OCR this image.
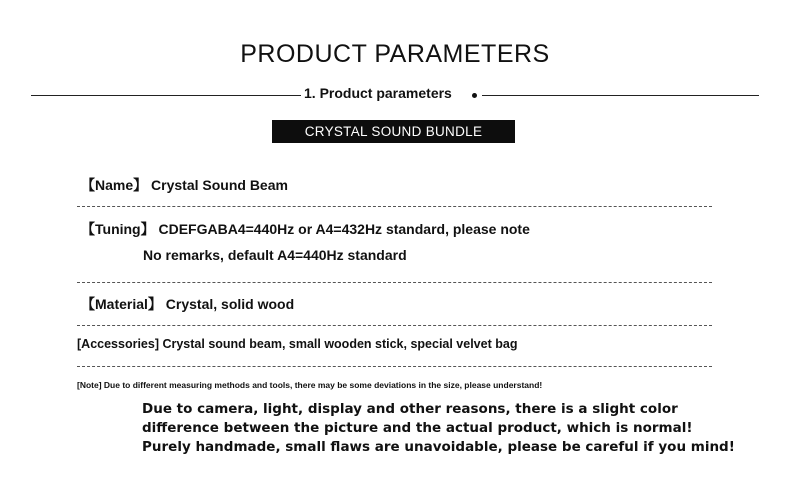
PRODUCT PARAMETERS
1. Product parameters
CRYSTAL SOUND BUNDLE
【Name】 Crystal Sound Beam
【Tuning】 CDEFGABA4=440Hz or A4=432Hz standard, please note
No remarks, default A4=440Hz standard
【Material】 Crystal, solid wood
[Accessories] Crystal sound beam, small wooden stick, special velvet bag
[Note] Due to different measuring methods and tools, there may be some deviations in the size, please understand!
Due to camera, light, display and other reasons, there is a slight color
difference between the picture and the actual product, which is normal!
Purely handmade, small flaws are unavoidable, please be careful if you mind!
